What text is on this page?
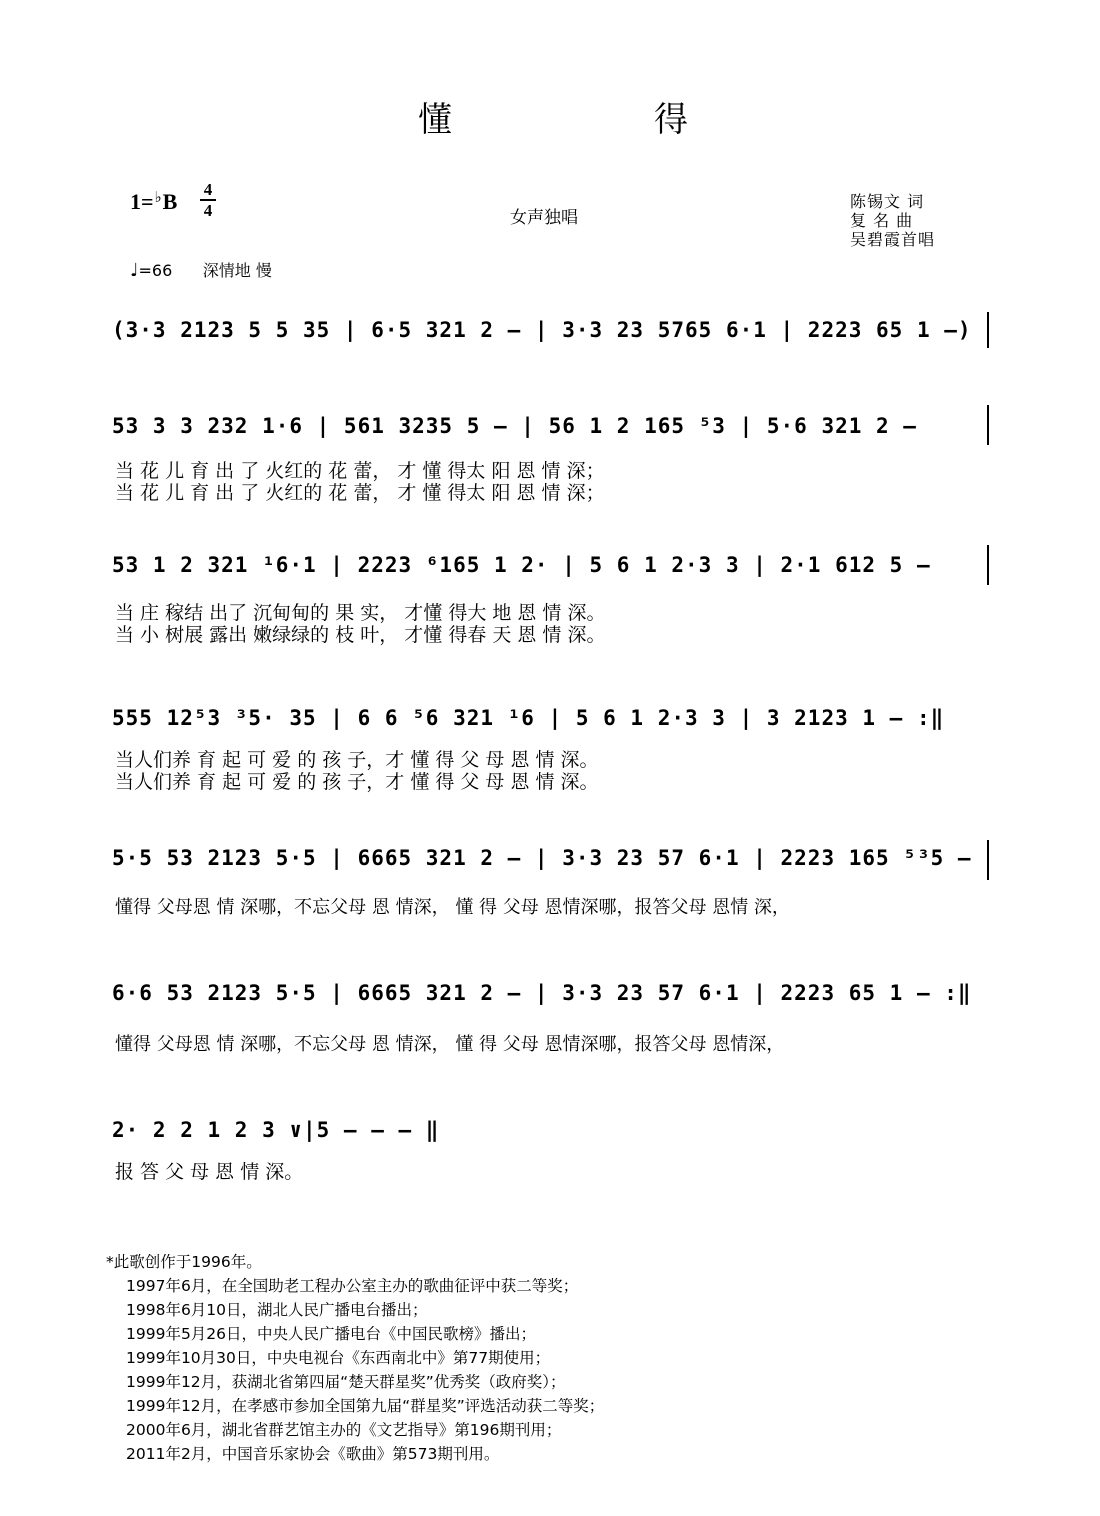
懂	得
1=♭B 4
4	女声独唱
陈锡文 词
复 名 曲
吴碧霞首唱
♩=66 深情地 慢
(3·3 2123 5 5 35 | 6·5 321 2 – | 3·3 23 5765 6·1 | 2223 65 1 –)
53 3 3 232 1·6 | 561 3235 5 – | 56 1 2 165 ⁵3 | 5·6 321 2 –
当 花 儿 育 出 了 火红的 花 蕾， 才 懂 得太 阳 恩 情 深；
当 花 儿 育 出 了 火红的 花 蕾， 才 懂 得太 阳 恩 情 深；
53 1 2 321 ¹6·1 | 2223 ⁶165 1 2· | 5 6 1 2·3 3 | 2·1 612 5 –
当 庄 稼结 出了 沉甸甸的 果 实， 才懂 得大 地 恩 情 深。
当 小 树展 露出 嫩绿绿的 枝 叶， 才懂 得春 天 恩 情 深。
555 12⁵3 ³5· 35 | 6 6 ⁵6 321 ¹6 | 5 6 1 2·3 3 | 3 2123 1 – :‖
当人们养 育 起 可 爱 的 孩 子，才 懂 得 父 母 恩 情 深。
当人们养 育 起 可 爱 的 孩 子，才 懂 得 父 母 恩 情 深。
5·5 53 2123 5·5 | 6665 321 2 – | 3·3 23 57 6·1 | 2223 165 ⁵³5 –
懂得 父母恩 情 深哪，不忘父母 恩 情深， 懂 得 父母 恩情深哪，报答父母 恩情 深，
6·6 53 2123 5·5 | 6665 321 2 – | 3·3 23 57 6·1 | 2223 65 1 – :‖
懂得 父母恩 情 深哪，不忘父母 恩 情深， 懂 得 父母 恩情深哪，报答父母 恩情深，
2· 2 2 1 2 3 ∨|5 – – – ‖
报 答 父 母 恩 情 深。
*此歌创作于1996年。
1997年6月，在全国助老工程办公室主办的歌曲征评中获二等奖；
1998年6月10日，湖北人民广播电台播出；
1999年5月26日，中央人民广播电台《中国民歌榜》播出；
1999年10月30日，中央电视台《东西南北中》第77期使用；
1999年12月，获湖北省第四届“楚天群星奖”优秀奖（政府奖）；
1999年12月，在孝感市参加全国第九届“群星奖”评选活动获二等奖；
2000年6月，湖北省群艺馆主办的《文艺指导》第196期刊用；
2011年2月，中国音乐家协会《歌曲》第573期刊用。
